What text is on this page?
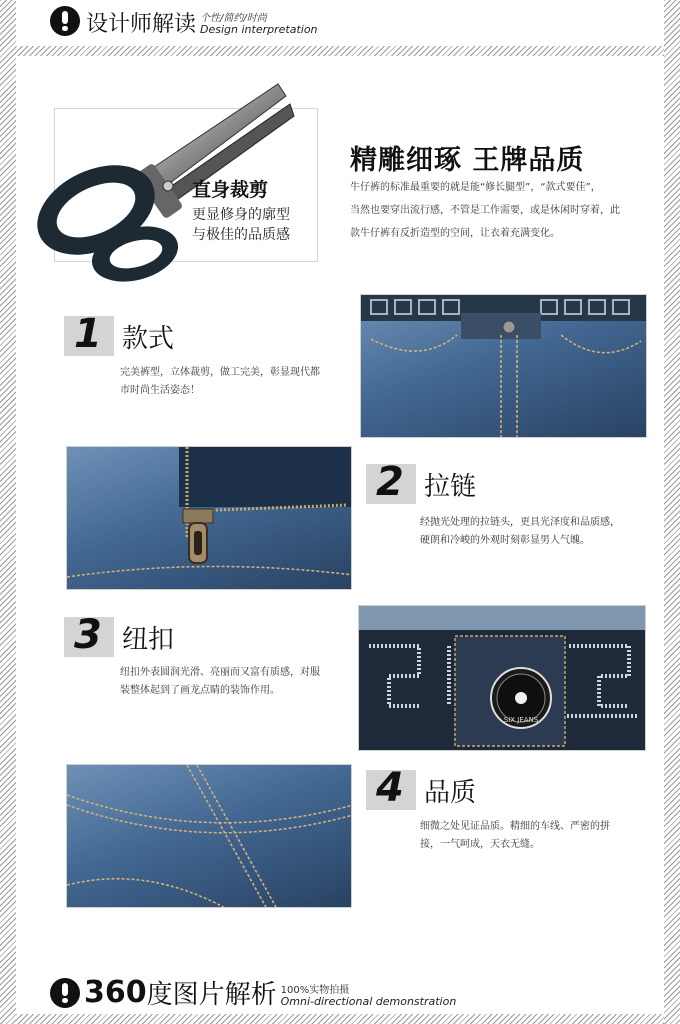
设计师解读 个性/简约/时尚
Design interpretation
直身裁剪
更显修身的廓型
与极佳的品质感
精雕细琢 王牌品质
牛仔裤的标准最重要的就是能“修长腿型”，“款式要佳”，
当然也要穿出流行感，不管是工作需要，或是休闲时穿着，此
款牛仔裤有反折造型的空间，让衣着充满变化。
1 款式
完美裤型，立体裁剪，做工完美，彰显现代都
市时尚生活姿态！
2 拉链
经抛光处理的拉链头，更具光泽度和品质感，
硬朗和冷峻的外观时刻彰显男人气魄。
3 纽扣
纽扣外表圆润光滑、亮丽而又富有质感，对服
装整体起到了画龙点睛的装饰作用。
SIX JEANS
4 品质
细微之处见证品质。精细的车线、严密的拼
接，一气呵成，天衣无缝。
360 度图片解析 100%实物拍摄
Omni-directional demonstration
